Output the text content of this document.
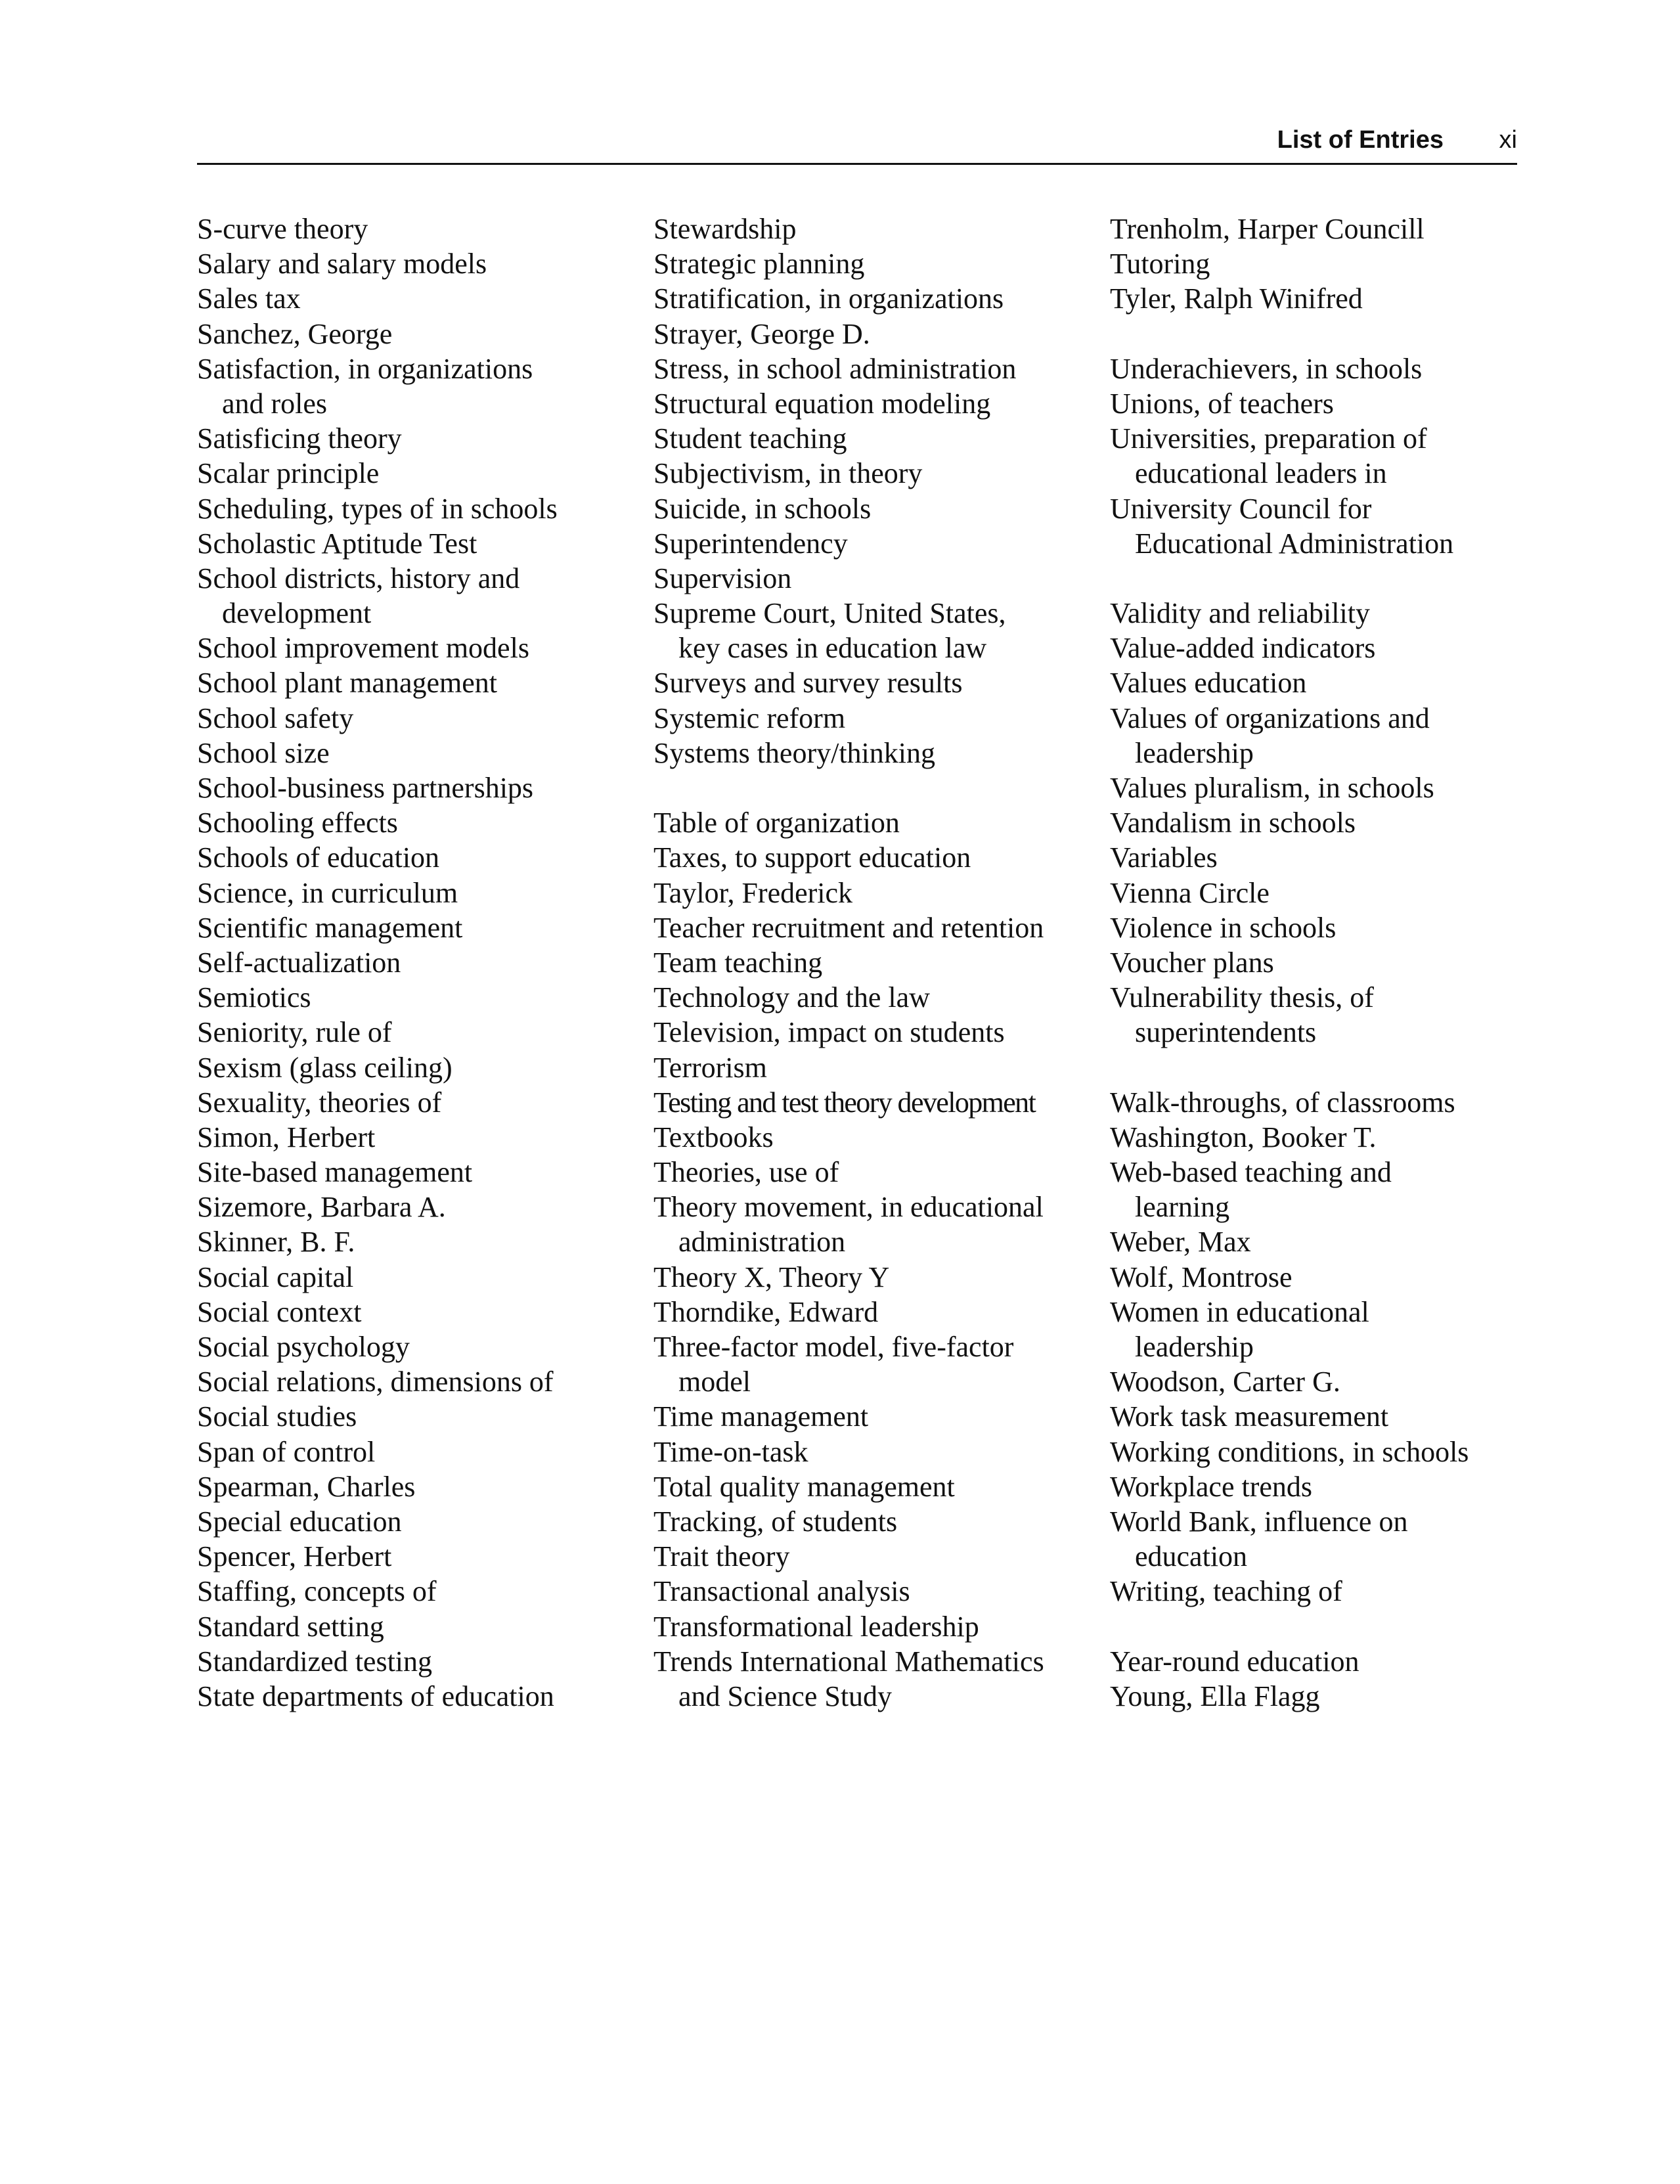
List of Entries xi
S-curve theory
Salary and salary models
Sales tax
Sanchez, George
Satisfaction, in organizations
and roles
Satisficing theory
Scalar principle
Scheduling, types of in schools
Scholastic Aptitude Test
School districts, history and
development
School improvement models
School plant management
School safety
School size
School-business partnerships
Schooling effects
Schools of education
Science, in curriculum
Scientific management
Self-actualization
Semiotics
Seniority, rule of
Sexism (glass ceiling)
Sexuality, theories of
Simon, Herbert
Site-based management
Sizemore, Barbara A.
Skinner, B. F.
Social capital
Social context
Social psychology
Social relations, dimensions of
Social studies
Span of control
Spearman, Charles
Special education
Spencer, Herbert
Staffing, concepts of
Standard setting
Standardized testing
State departments of education
Stewardship
Strategic planning
Stratification, in organizations
Strayer, George D.
Stress, in school administration
Structural equation modeling
Student teaching
Subjectivism, in theory
Suicide, in schools
Superintendency
Supervision
Supreme Court, United States,
key cases in education law
Surveys and survey results
Systemic reform
Systems theory/thinking
Table of organization
Taxes, to support education
Taylor, Frederick
Teacher recruitment and retention
Team teaching
Technology and the law
Television, impact on students
Terrorism
Testing and test theory development
Textbooks
Theories, use of
Theory movement, in educational
administration
Theory X, Theory Y
Thorndike, Edward
Three-factor model, five-factor
model
Time management
Time-on-task
Total quality management
Tracking, of students
Trait theory
Transactional analysis
Transformational leadership
Trends International Mathematics
and Science Study
Trenholm, Harper Councill
Tutoring
Tyler, Ralph Winifred
Underachievers, in schools
Unions, of teachers
Universities, preparation of
educational leaders in
University Council for
Educational Administration
Validity and reliability
Value-added indicators
Values education
Values of organizations and
leadership
Values pluralism, in schools
Vandalism in schools
Variables
Vienna Circle
Violence in schools
Voucher plans
Vulnerability thesis, of
superintendents
Walk-throughs, of classrooms
Washington, Booker T.
Web-based teaching and
learning
Weber, Max
Wolf, Montrose
Women in educational
leadership
Woodson, Carter G.
Work task measurement
Working conditions, in schools
Workplace trends
World Bank, influence on
education
Writing, teaching of
Year-round education
Young, Ella Flagg
